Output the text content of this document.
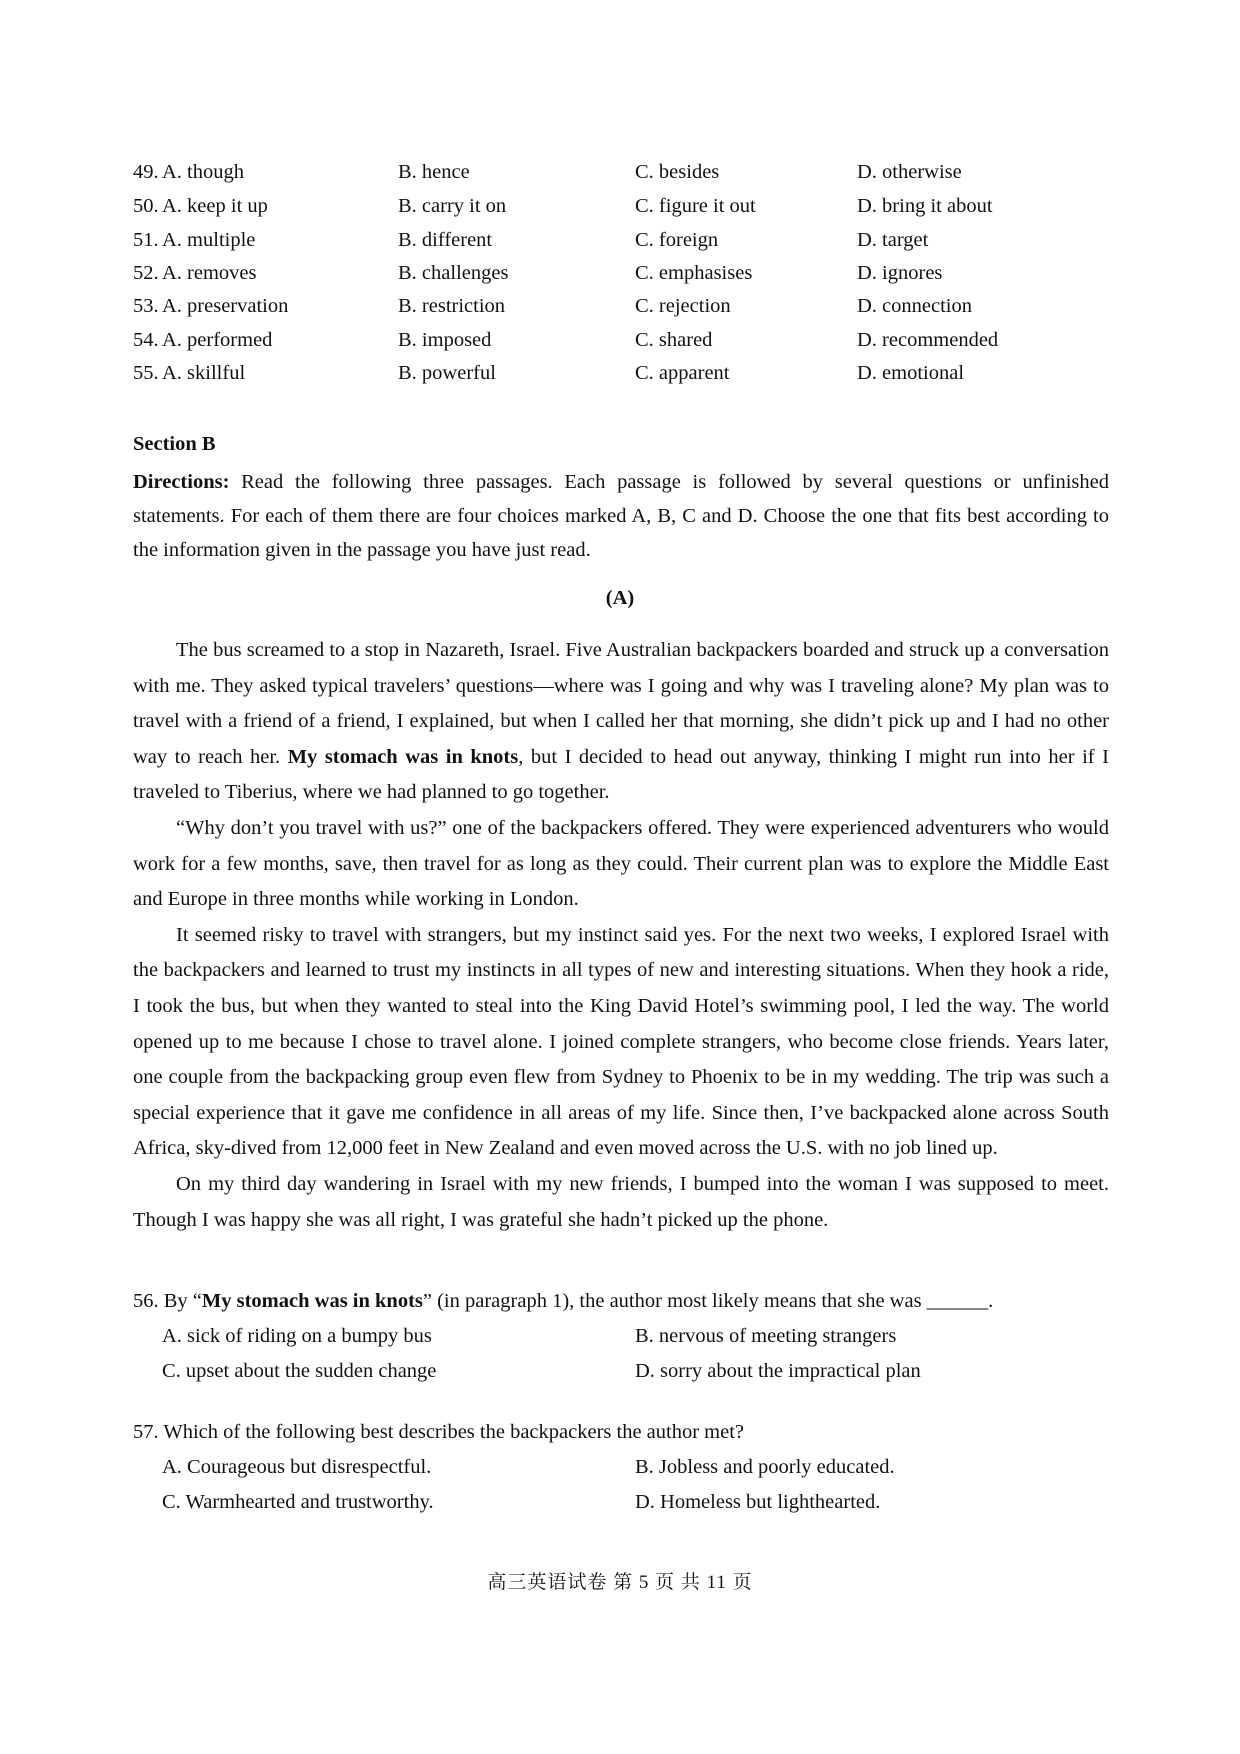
49. A. though	B. hence	C. besides	D. otherwise
50. A. keep it up	B. carry it on	C. figure it out	D. bring it about
51. A. multiple	B. different	C. foreign	D. target
52. A. removes	B. challenges	C. emphasises	D. ignores
53. A. preservation	B. restriction	C. rejection	D. connection
54. A. performed	B. imposed	C. shared	D. recommended
55. A. skillful	B. powerful	C. apparent	D. emotional
Section B
Directions: Read the following three passages. Each passage is followed by several questions or unfinished statements. For each of them there are four choices marked A, B, C and D. Choose the one that fits best according to the information given in the passage you have just read.
(A)

The bus screamed to a stop in Nazareth, Israel. Five Australian backpackers boarded and struck up a conversation with me. They asked typical travelers’ questions—where was I going and why was I traveling alone? My plan was to travel with a friend of a friend, I explained, but when I called her that morning, she didn’t pick up and I had no other way to reach her. My stomach was in knots, but I decided to head out anyway, thinking I might run into her if I traveled to Tiberius, where we had planned to go together.

“Why don’t you travel with us?” one of the backpackers offered. They were experienced adventurers who would work for a few months, save, then travel for as long as they could. Their current plan was to explore the Middle East and Europe in three months while working in London.

It seemed risky to travel with strangers, but my instinct said yes. For the next two weeks, I explored Israel with the backpackers and learned to trust my instincts in all types of new and interesting situations. When they hook a ride, I took the bus, but when they wanted to steal into the King David Hotel’s swimming pool, I led the way. The world opened up to me because I chose to travel alone. I joined complete strangers, who become close friends. Years later, one couple from the backpacking group even flew from Sydney to Phoenix to be in my wedding. The trip was such a special experience that it gave me confidence in all areas of my life. Since then, I’ve backpacked alone across South Africa, sky-dived from 12,000 feet in New Zealand and even moved across the U.S. with no job lined up.

On my third day wandering in Israel with my new friends, I bumped into the woman I was supposed to meet. Though I was happy she was all right, I was grateful she hadn’t picked up the phone.

56. By “My stomach was in knots” (in paragraph 1), the author most likely means that she was ______.
A. sick of riding on a bumpy bus	B. nervous of meeting strangers
C. upset about the sudden change	D. sorry about the impractical plan
57. Which of the following best describes the backpackers the author met?
A. Courageous but disrespectful.	B. Jobless and poorly educated.
C. Warmhearted and trustworthy.	D. Homeless but lighthearted.
高三英语试卷 第 5 页 共 11 页
